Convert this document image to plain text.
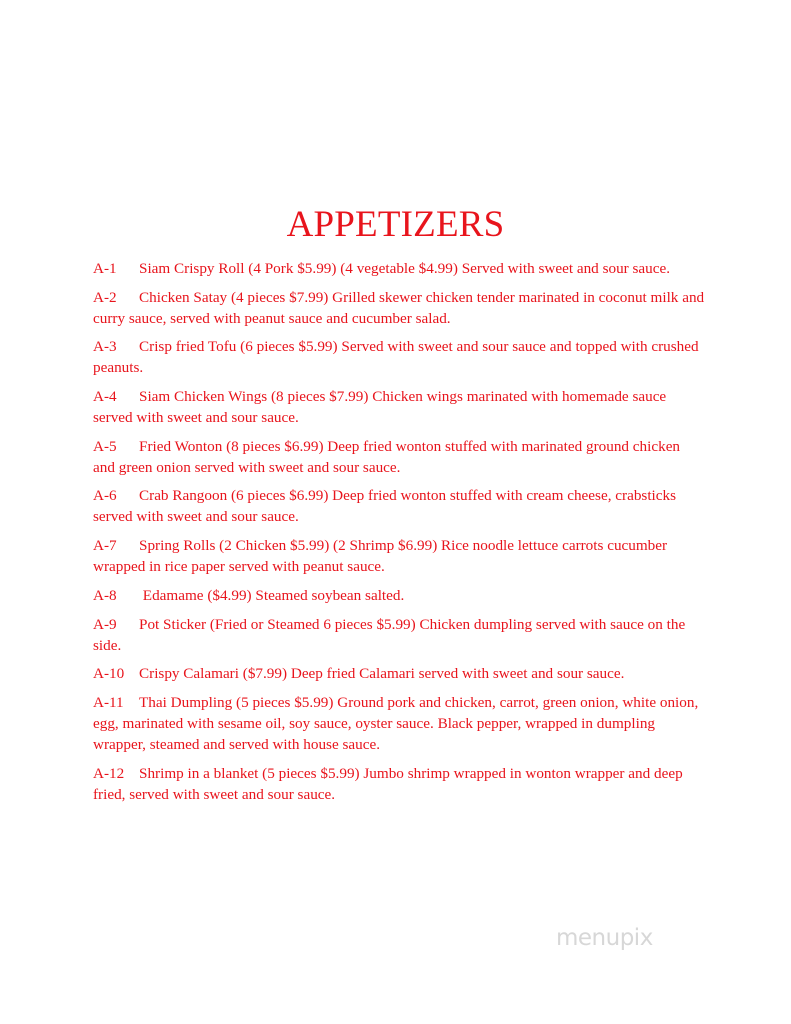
APPETIZERS
A-1 Siam Crispy Roll (4 Pork $5.99) (4 vegetable $4.99) Served with sweet and sour sauce.
A-2 Chicken Satay (4 pieces $7.99) Grilled skewer chicken tender marinated in coconut milk and curry sauce, served with peanut sauce and cucumber salad.
A-3 Crisp fried Tofu (6 pieces $5.99) Served with sweet and sour sauce and topped with crushed peanuts.
A-4 Siam Chicken Wings (8 pieces $7.99) Chicken wings marinated with homemade sauce served with sweet and sour sauce.
A-5 Fried Wonton (8 pieces $6.99) Deep fried wonton stuffed with marinated ground chicken and green onion served with sweet and sour sauce.
A-6 Crab Rangoon (6 pieces $6.99) Deep fried wonton stuffed with cream cheese, crabsticks served with sweet and sour sauce.
A-7 Spring Rolls (2 Chicken $5.99) (2 Shrimp $6.99) Rice noodle lettuce carrots cucumber wrapped in rice paper served with peanut sauce.
A-8 Edamame ($4.99) Steamed soybean salted.
A-9 Pot Sticker (Fried or Steamed 6 pieces $5.99) Chicken dumpling served with sauce on the side.
A-10 Crispy Calamari ($7.99) Deep fried Calamari served with sweet and sour sauce.
A-11 Thai Dumpling (5 pieces $5.99) Ground pork and chicken, carrot, green onion, white onion, egg, marinated with sesame oil, soy sauce, oyster sauce. Black pepper, wrapped in dumpling wrapper, steamed and served with house sauce.
A-12 Shrimp in a blanket (5 pieces $5.99) Jumbo shrimp wrapped in wonton wrapper and deep fried, served with sweet and sour sauce.
menupix
